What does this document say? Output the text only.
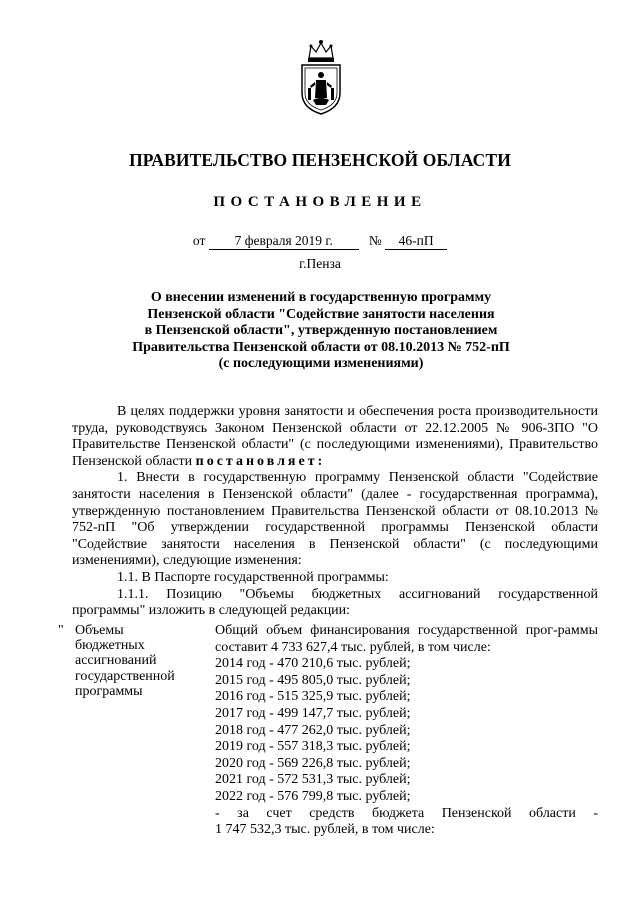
ПРАВИТЕЛЬСТВО ПЕНЗЕНСКОЙ ОБЛАСТИ
ПОСТАНОВЛЕНИЕ
от 7 февраля 2019 г.	№ 46-пП
г.Пенза
О внесении изменений в государственную программу
Пензенской области "Содействие занятости населения
в Пензенской области", утвержденную постановлением
Правительства Пензенской области от 08.10.2013 № 752-пП
(с последующими изменениями)

В целях поддержки уровня занятости и обеспечения роста производительности труда, руководствуясь Законом Пензенской области от 22.12.2005 № 906-ЗПО "О Правительстве Пензенской области" (с последующими изменениями), Правительство Пензенской области постановляет:

1. Внести в государственную программу Пензенской области "Содействие занятости населения в Пензенской области" (далее - государственная программа), утвержденную постановлением Правительства Пензенской области от 08.10.2013 № 752-пП "Об утверждении государственной программы Пензенской области "Содействие занятости населения в Пензенской области" (с последующими изменениями), следующие изменения:

1.1. В Паспорте государственной программы:

1.1.1. Позицию "Объемы бюджетных ассигнований государственной программы" изложить в следующей редакции:

" Объемы бюджетных ассигнований государственной программы
Общий объем финансирования государственной прог-раммы составит 4 733 627,4 тыс. рублей, в том числе:
2014 год - 470 210,6 тыс. рублей;
2015 год - 495 805,0 тыс. рублей;
2016 год - 515 325,9 тыс. рублей;
2017 год - 499 147,7 тыс. рублей;
2018 год - 477 262,0 тыс. рублей;
2019 год - 557 318,3 тыс. рублей;
2020 год - 569 226,8 тыс. рублей;
2021 год - 572 531,3 тыс. рублей;
2022 год - 576 799,8 тыс. рублей;
- за счет средств бюджета Пензенской области -
1 747 532,3 тыс. рублей, в том числе:
